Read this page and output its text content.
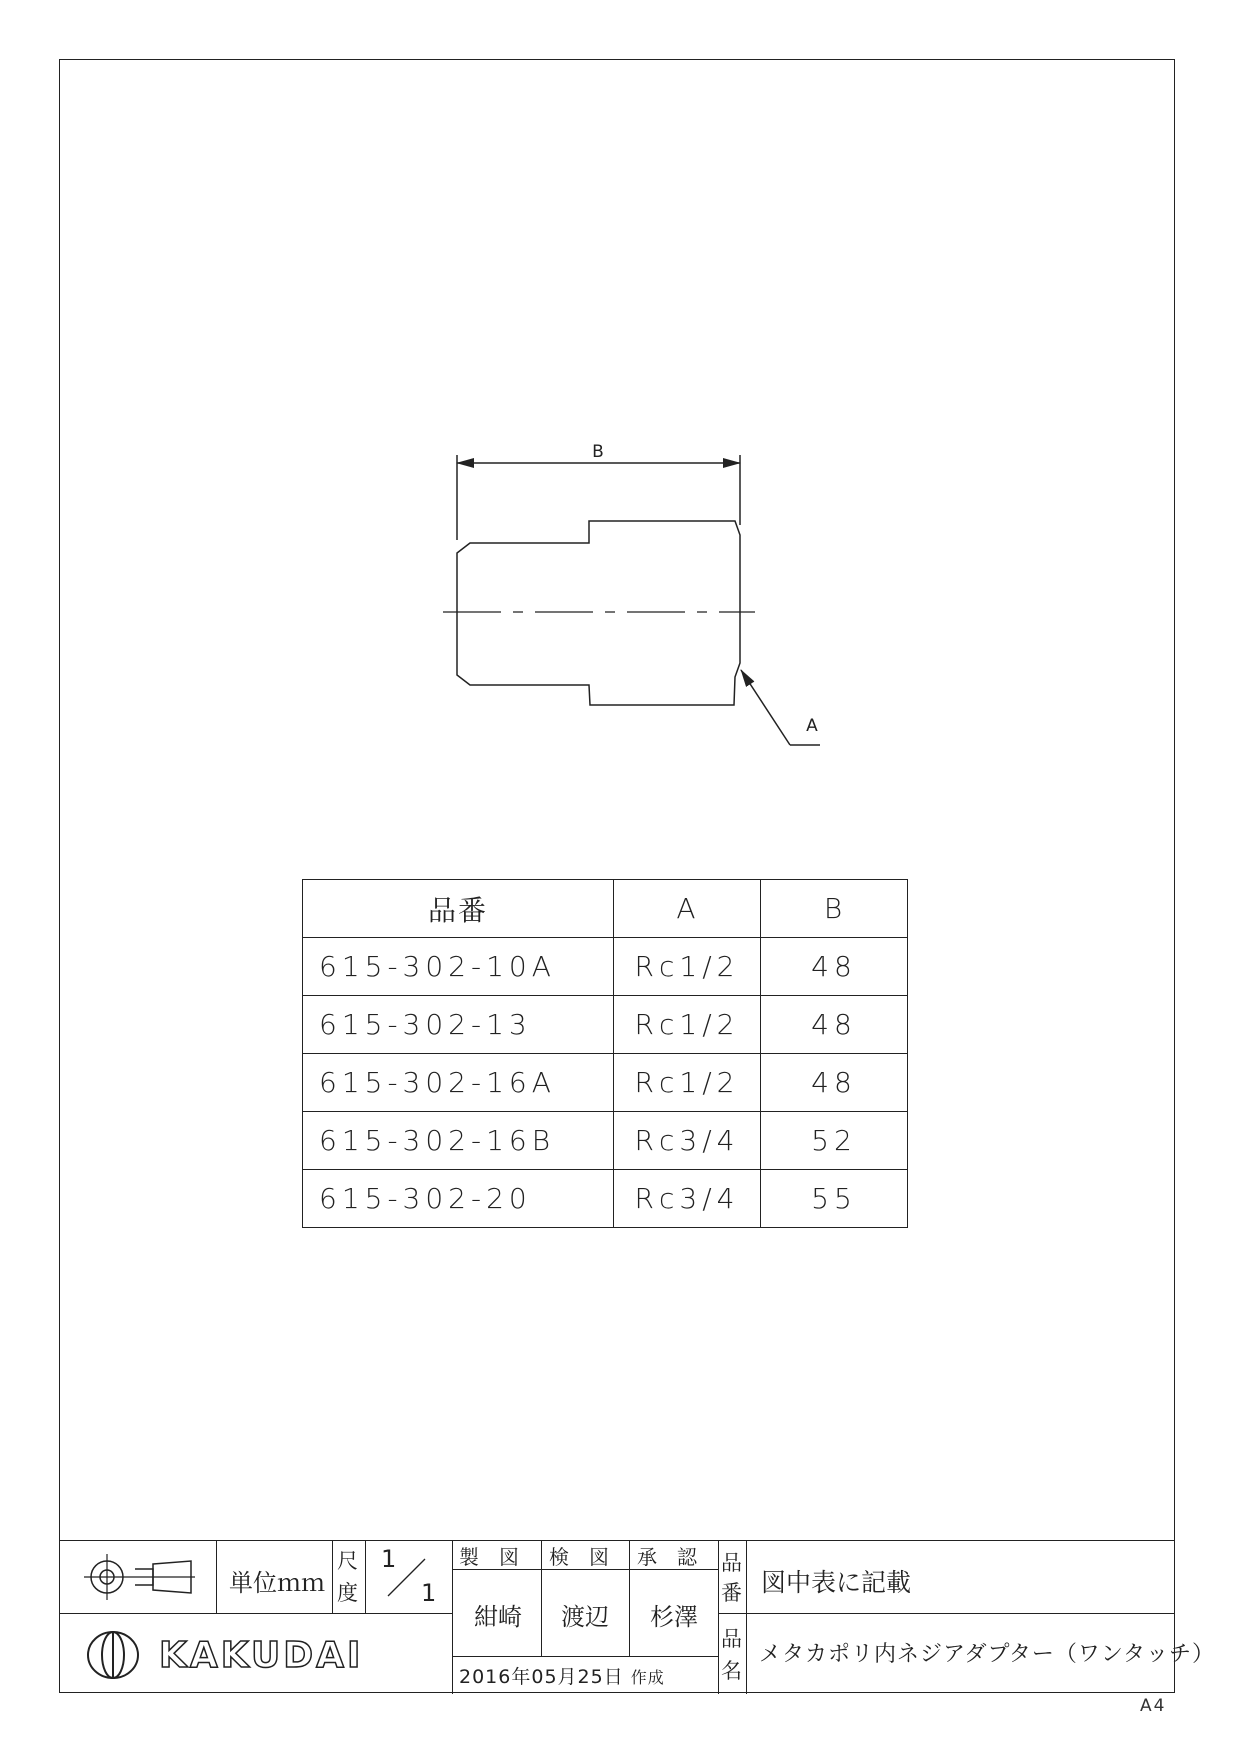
B
A
品番	A	B
615-302-10A	Rc1/2	48
615-302-13	Rc1/2	48
615-302-16A	Rc1/2	48
615-302-16B	Rc3/4	52
615-302-20	Rc3/4	55
単位ｍｍ
尺
度
1
1
製　図 検　図 承　認
紺崎 渡辺 杉澤
2016年05月25日 作成
品
番 図中表に記載
品
名
メタカポリ内ネジアダプター（ワンタッチ）
KAKUDAI
A4
